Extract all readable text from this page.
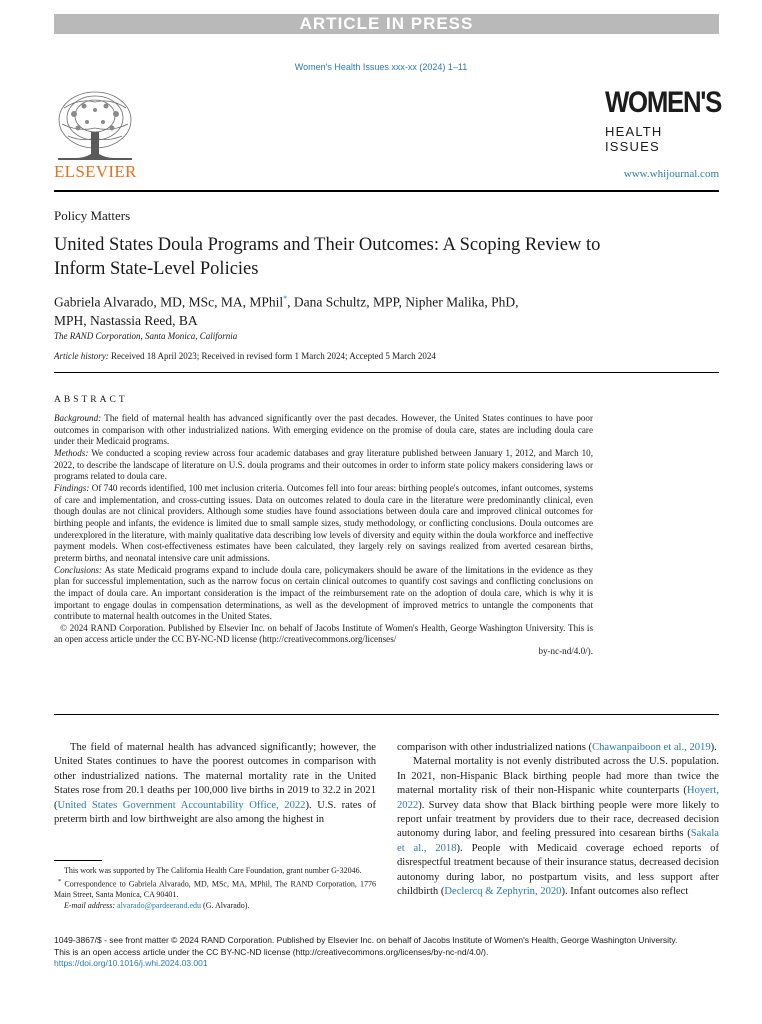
ARTICLE IN PRESS
Women's Health Issues xxx-xx (2024) 1–11
ELSEVIER
WOMEN'S
HEALTH ISSUES
www.whijournal.com
Policy Matters
United States Doula Programs and Their Outcomes: A Scoping Review to Inform State-Level Policies
Gabriela Alvarado, MD, MSc, MA, MPhil*, Dana Schultz, MPP, Nipher Malika, PhD, MPH, Nastassia Reed, BA
The RAND Corporation, Santa Monica, California
Article history: Received 18 April 2023; Received in revised form 1 March 2024; Accepted 5 March 2024
ABSTRACT

Background: The field of maternal health has advanced significantly over the past decades. However, the United States continues to have poor outcomes in comparison with other industrialized nations. With emerging evidence on the promise of doula care, states are including doula care under their Medicaid programs.

Methods: We conducted a scoping review across four academic databases and gray literature published between January 1, 2012, and March 10, 2022, to describe the landscape of literature on U.S. doula programs and their outcomes in order to inform state policy makers considering laws or programs related to doula care.

Findings: Of 740 records identified, 100 met inclusion criteria. Outcomes fell into four areas: birthing people's outcomes, infant outcomes, systems of care and implementation, and cross-cutting issues. Data on outcomes related to doula care in the literature were predominantly clinical, even though doulas are not clinical providers. Although some studies have found associations between doula care and improved clinical outcomes for birthing people and infants, the evidence is limited due to small sample sizes, study methodology, or conflicting conclusions. Doula outcomes are underexplored in the literature, with mainly qualitative data describing low levels of diversity and equity within the doula workforce and ineffective payment models. When cost-effectiveness estimates have been calculated, they largely rely on savings realized from averted cesarean births, preterm births, and neonatal intensive care unit admissions.

Conclusions: As state Medicaid programs expand to include doula care, policymakers should be aware of the limitations in the evidence as they plan for successful implementation, such as the narrow focus on certain clinical outcomes to quantify cost savings and conflicting conclusions on the impact of doula care. An important consideration is the impact of the reimbursement rate on the adoption of doula care, which is why it is important to engage doulas in compensation determinations, as well as the development of improved metrics to untangle the components that contribute to maternal health outcomes in the United States.

© 2024 RAND Corporation. Published by Elsevier Inc. on behalf of Jacobs Institute of Women's Health, George Washington University. This is an open access article under the CC BY-NC-ND license (http://creativecommons.org/licenses/

by-nc-nd/4.0/).

The field of maternal health has advanced significantly; however, the United States continues to have the poorest outcomes in comparison with other industrialized nations. The maternal mortality rate in the United States rose from 20.1 deaths per 100,000 live births in 2019 to 32.2 in 2021 (United States Government Accountability Office, 2022). U.S. rates of preterm birth and low birthweight are also among the highest in

comparison with other industrialized nations (Chawanpaiboon et al., 2019).

Maternal mortality is not evenly distributed across the U.S. population. In 2021, non-Hispanic Black birthing people had more than twice the maternal mortality risk of their non-Hispanic white counterparts (Hoyert, 2022). Survey data show that Black birthing people were more likely to report unfair treatment by providers due to their race, decreased decision autonomy during labor, and feeling pressured into cesarean births (Sakala et al., 2018). People with Medicaid coverage echoed reports of disrespectful treatment because of their insurance status, decreased decision autonomy during labor, no postpartum visits, and less support after childbirth (Declercq & Zephyrin, 2020). Infant outcomes also reflect

This work was supported by The California Health Care Foundation, grant number G-32046.

* Correspondence to Gabriela Alvarado, MD, MSc, MA, MPhil, The RAND Corporation, 1776 Main Street, Santa Monica, CA 90401.

E-mail address: alvarado@pardeerand.edu (G. Alvarado).

1049-3867/$ - see front matter © 2024 RAND Corporation. Published by Elsevier Inc. on behalf of Jacobs Institute of Women's Health, George Washington University.

This is an open access article under the CC BY-NC-ND license (http://creativecommons.org/licenses/by-nc-nd/4.0/).

https://doi.org/10.1016/j.whi.2024.03.001
